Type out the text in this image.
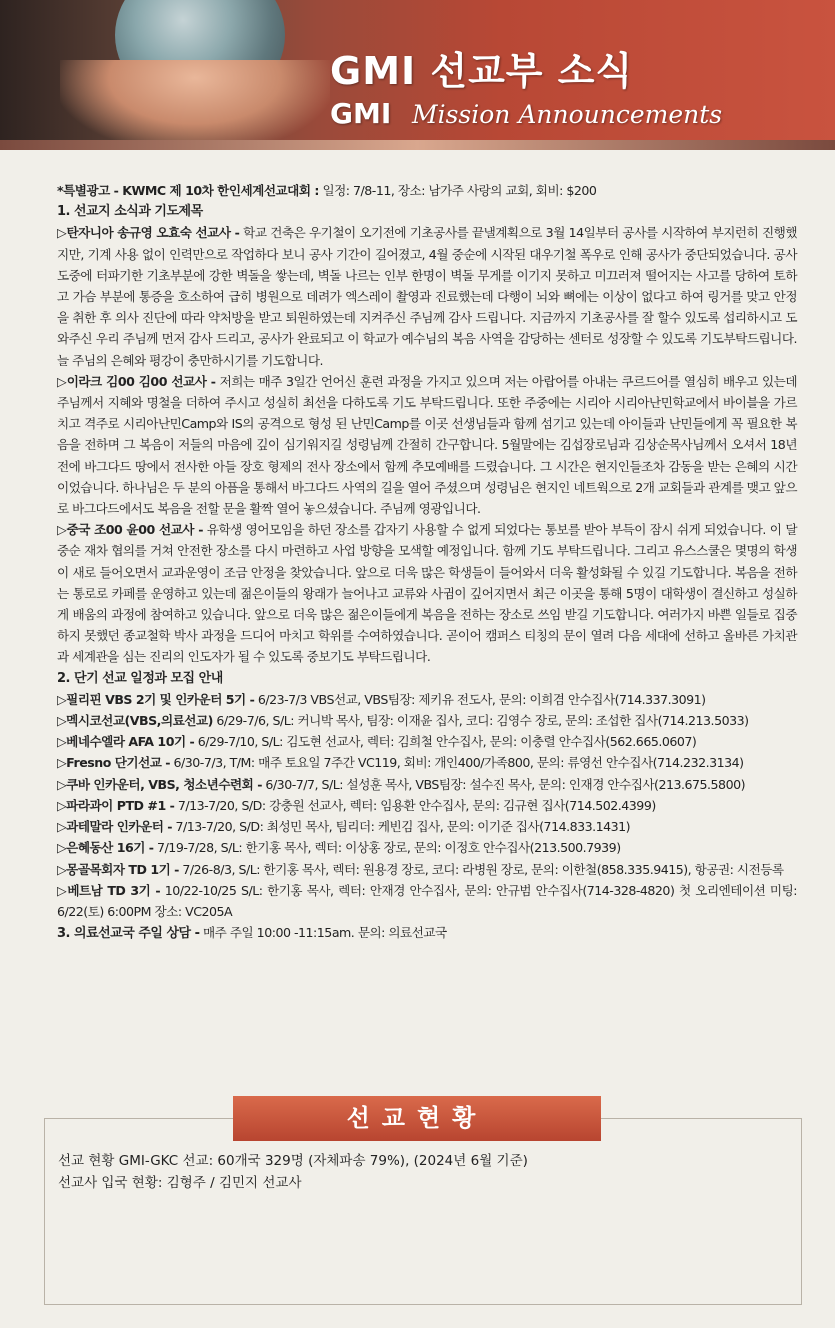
GMI 선교부 소식
GMI Mission Announcements

*특별광고 - KWMC 제 10차 한인세계선교대회 : 일정: 7/8-11, 장소: 남가주 사랑의 교회, 회비: $200

1. 선교지 소식과 기도제목

▷탄자니아 송규영 오효숙 선교사 - 학교 건축은 우기철이 오기전에 기초공사를 끝낼계획으로 3월 14일부터 공사를 시작하여 부지런히 진행했지만, 기계 사용 없이 인력만으로 작업하다 보니 공사 기간이 길어졌고, 4월 중순에 시작된 대우기철 폭우로 인해 공사가 중단되었습니다. 공사 도중에 터파기한 기초부분에 강한 벽돌을 쌓는데, 벽돌 나르는 인부 한명이 벽돌 무게를 이기지 못하고 미끄러져 떨어지는 사고를 당하여 토하고 가슴 부분에 통증을 호소하여 급히 병원으로 데려가 엑스레이 촬영과 진료했는데 다행이 뇌와 뼈에는 이상이 없다고 하여 링거를 맞고 안정을 취한 후 의사 진단에 따라 약처방을 받고 퇴원하였는데 지켜주신 주님께 감사 드립니다. 지금까지 기초공사를 잘 할수 있도록 섭리하시고 도와주신 우리 주님께 먼저 감사 드리고, 공사가 완료되고 이 학교가 예수님의 복음 사역을 감당하는 센터로 성장할 수 있도록 기도부탁드립니다. 늘 주님의 은혜와 평강이 충만하시기를 기도합니다.

▷이라크 김00 김00 선교사 - 저희는 매주 3일간 언어신 훈련 과정을 가지고 있으며 저는 아랍어를 아내는 쿠르드어를 열심히 배우고 있는데 주님께서 지혜와 명철을 더하여 주시고 성실히 최선을 다하도록 기도 부탁드립니다. 또한 주중에는 시리아 시리아난민학교에서 바이블을 가르치고 격주로 시리아난민Camp와 IS의 공격으로 형성 된 난민Camp를 이곳 선생님들과 함께 섬기고 있는데 아이들과 난민들에게 꼭 필요한 복음을 전하며 그 복음이 저들의 마음에 깊이 심기워지길 성령님께 간절히 간구합니다. 5월말에는 김섭장로님과 김상순목사님께서 오셔서 18년전에 바그다드 땅에서 전사한 아들 장호 형제의 전사 장소에서 함께 추모예배를 드렸습니다. 그 시간은 현지인들조차 감동을 받는 은혜의 시간이었습니다. 하나님은 두 분의 아픔을 통해서 바그다드 사역의 길을 열어 주셨으며 성령님은 현지인 네트웍으로 2개 교회들과 관계를 맺고 앞으로 바그다드에서도 복음을 전할 문을 활짝 열어 놓으셨습니다. 주님께 영광입니다.

▷중국 조00 윤00 선교사 - 유학생 영어모임을 하던 장소를 갑자기 사용할 수 없게 되었다는 통보를 받아 부득이 잠시 쉬게 되었습니다. 이 달 중순 재차 협의를 거쳐 안전한 장소를 다시 마련하고 사업 방향을 모색할 예정입니다. 함께 기도 부탁드립니다. 그리고 유스스쿨은 몇명의 학생이 새로 들어오면서 교과운영이 조금 안정을 찾았습니다. 앞으로 더욱 많은 학생들이 들어와서 더욱 활성화될 수 있길 기도합니다. 복음을 전하는 통로로 카페를 운영하고 있는데 젊은이들의 왕래가 늘어나고 교류와 사귐이 깊어지면서 최근 이곳을 통해 5명이 대학생이 결신하고 성실하게 배움의 과정에 참여하고 있습니다. 앞으로 더욱 많은 젊은이들에게 복음을 전하는 장소로 쓰임 받길 기도합니다. 여러가지 바쁜 일들로 집중하지 못했던 종교철학 박사 과정을 드디어 마치고 학위를 수여하였습니다. 곧이어 캠퍼스 티칭의 문이 열려 다음 세대에 선하고 올바른 가치관과 세계관을 심는 진리의 인도자가 될 수 있도록 중보기도 부탁드립니다.

2. 단기 선교 일정과 모집 안내

▷필리핀 VBS 2기 및 인카운터 5기 - 6/23-7/3 VBS선교, VBS팀장: 제키유 전도사, 문의: 이희겸 안수집사(714.337.3091)

▷멕시코선교(VBS,의료선교) 6/29-7/6, S/L: 커니박 목사, 팀장: 이재윤 집사, 코디: 김영수 장로, 문의: 조섭한 집사(714.213.5033)

▷베네수엘라 AFA 10기 - 6/29-7/10, S/L: 김도현 선교사, 렉터: 김희철 안수집사, 문의: 이충렬 안수집사(562.665.0607)

▷Fresno 단기선교 - 6/30-7/3, T/M: 매주 토요일 7주간 VC119, 회비: 개인400/가족800, 문의: 류영선 안수집사(714.232.3134)

▷쿠바 인카운터, VBS, 청소년수련회 - 6/30-7/7, S/L: 설성훈 목사, VBS팀장: 설수진 목사, 문의: 인재경 안수집사(213.675.5800)

▷파라과이 PTD #1 - 7/13-7/20, S/D: 강충원 선교사, 렉터: 임용환 안수집사, 문의: 김규현 집사(714.502.4399)

▷과테말라 인카운터 - 7/13-7/20, S/D: 최성민 목사, 팀리더: 케빈김 집사, 문의: 이기준 집사(714.833.1431)

▷은혜동산 16기 - 7/19-7/28, S/L: 한기홍 목사, 렉터: 이상홍 장로, 문의: 이정호 안수집사(213.500.7939)

▷몽골목회자 TD 1기 - 7/26-8/3, S/L: 한기홍 목사, 렉터: 원용경 장로, 코디: 라병원 장로, 문의: 이한철(858.335.9415), 항공권: 시전등록

▷베트남 TD 3기 - 10/22-10/25 S/L: 한기홍 목사, 렉터: 안재경 안수집사, 문의: 안규범 안수집사(714-328-4820) 첫 오리엔테이션 미팅: 6/22(토) 6:00PM 장소: VC205A

3. 의료선교국 주일 상담 - 매주 주일 10:00 -11:15am. 문의: 의료선교국

선교현황
선교 현황 GMI-GKC 선교: 60개국 329명 (자체파송 79%), (2024년 6월 기준)
선교사 입국 현황: 김형주 / 김민지 선교사
